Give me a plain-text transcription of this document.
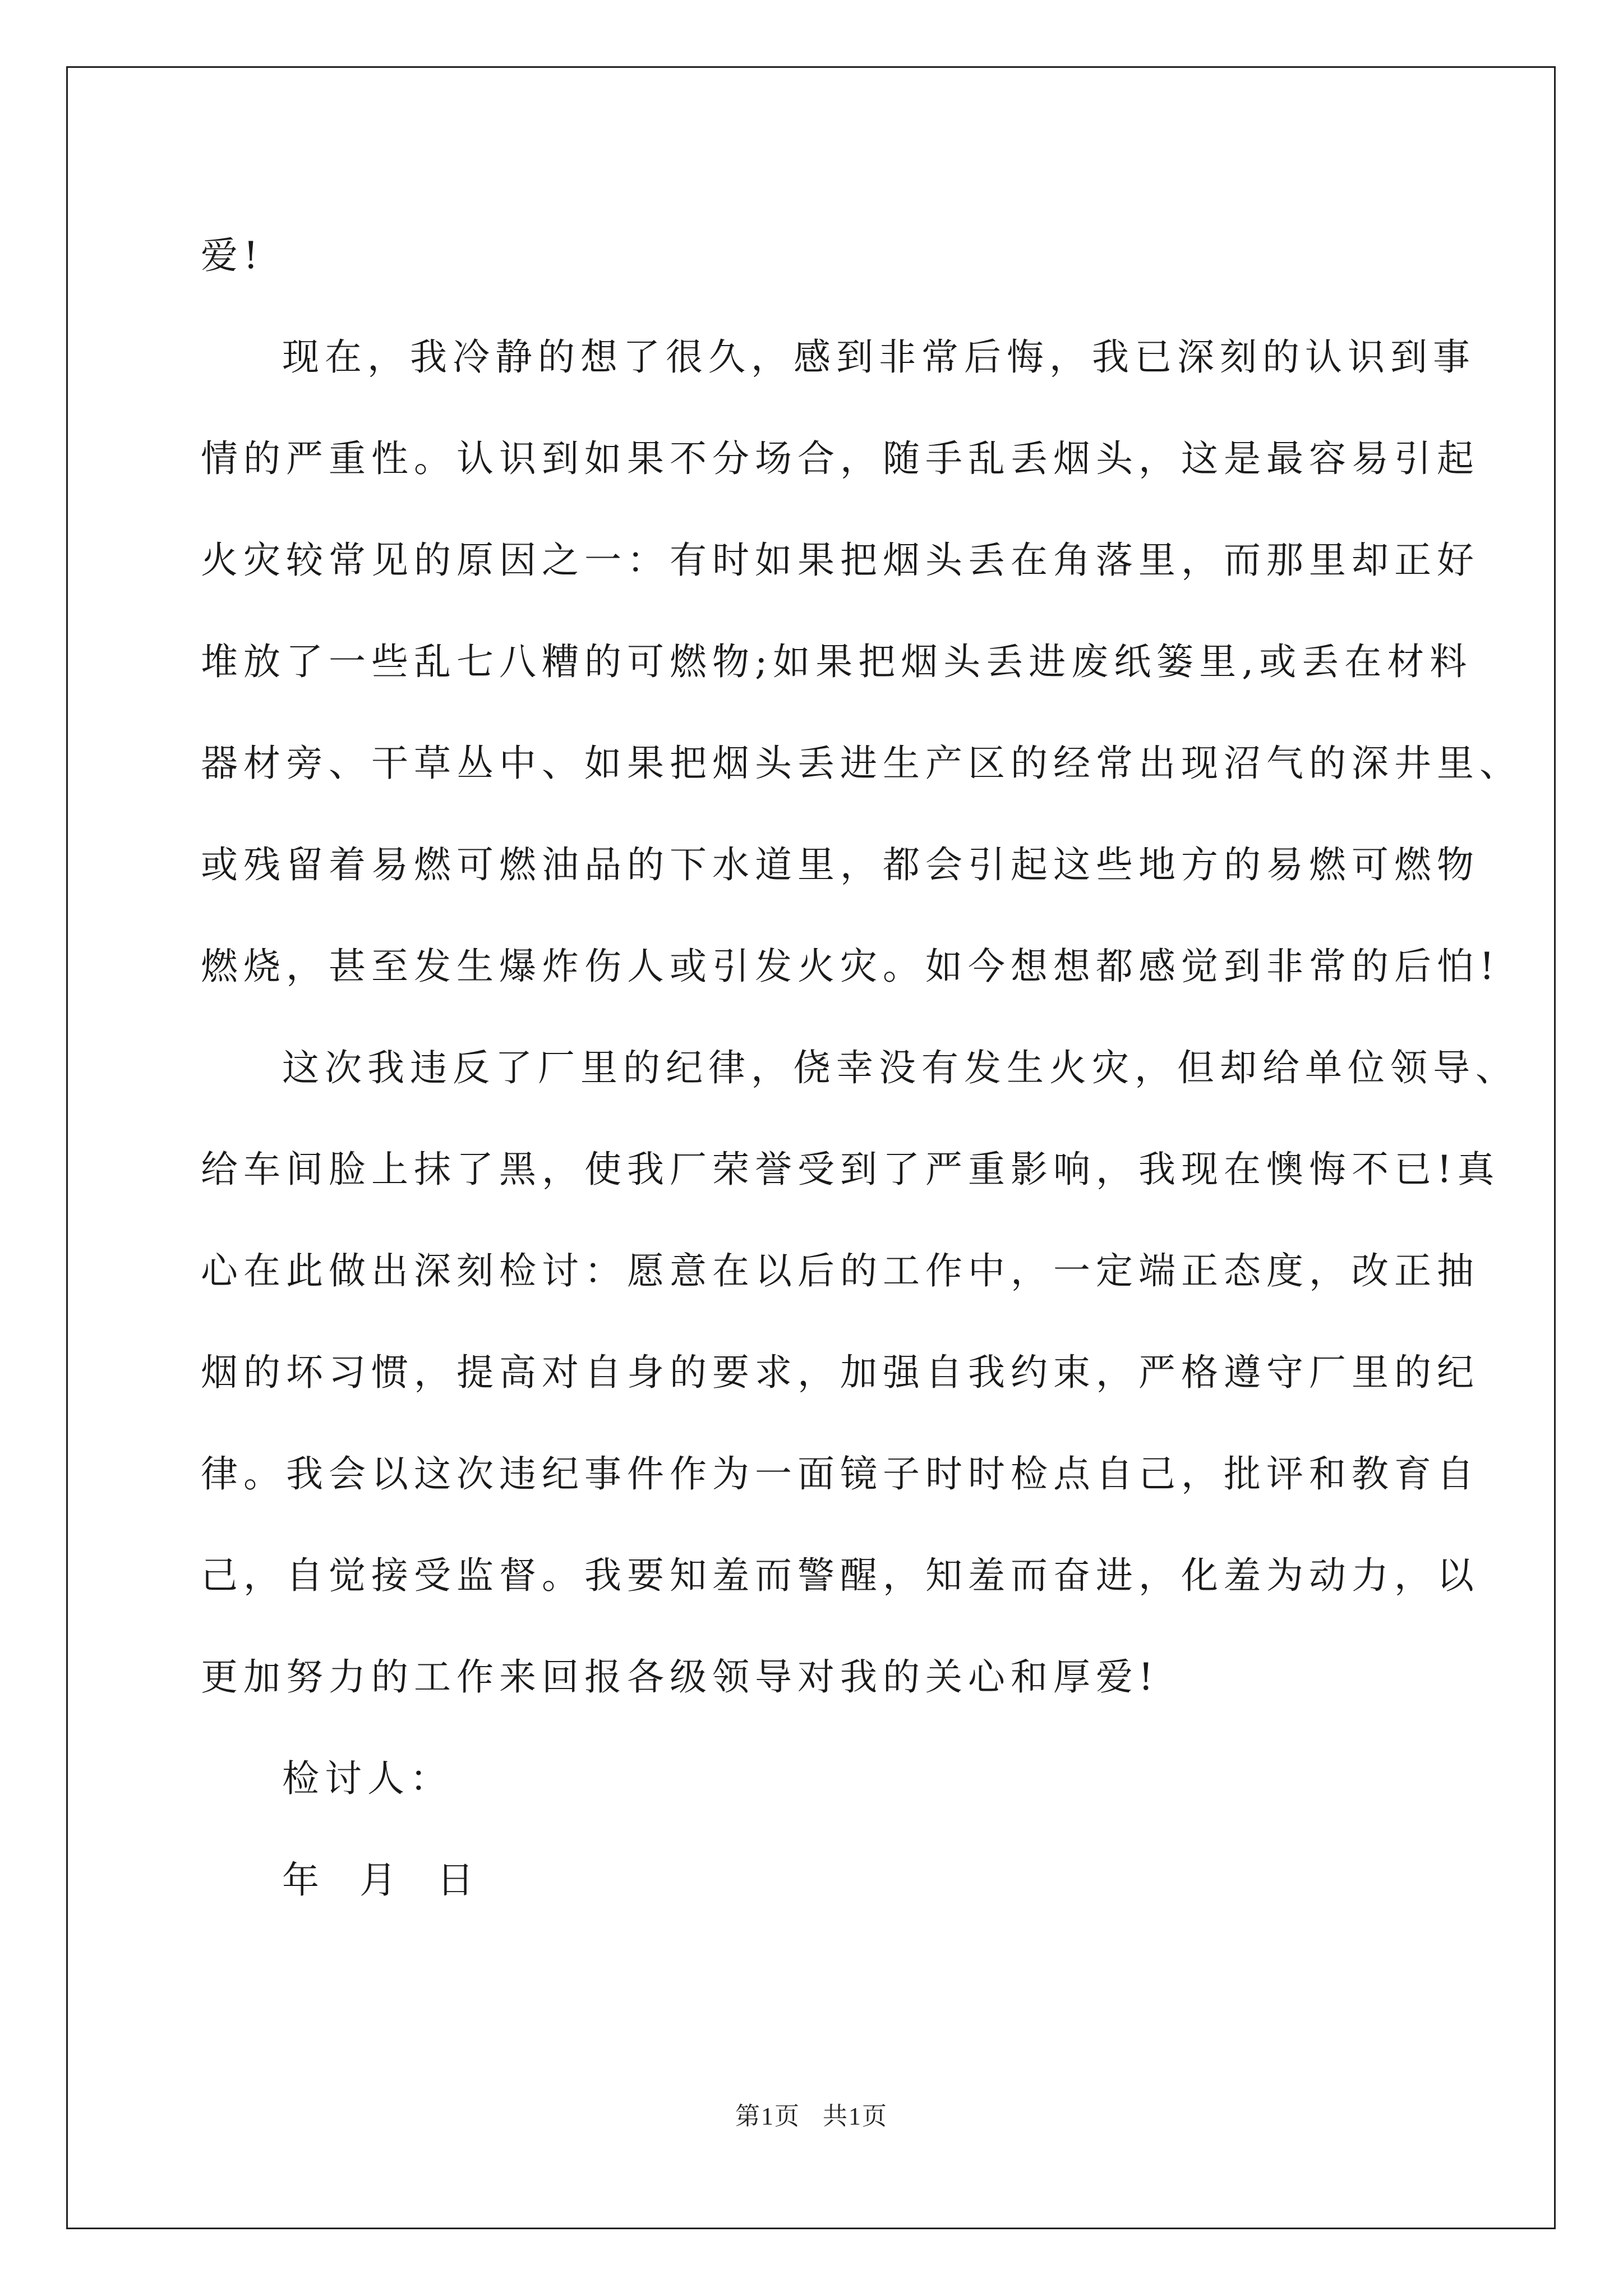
爱!
现在，我冷静的想了很久，感到非常后悔，我已深刻的认识到事
情的严重性。认识到如果不分场合，随手乱丢烟头，这是最容易引起
火灾较常见的原因之一：有时如果把烟头丢在角落里，而那里却正好
堆放了一些乱七八糟的可燃物;如果把烟头丢进废纸篓里,或丢在材料
器材旁、干草丛中、如果把烟头丢进生产区的经常出现沼气的深井里、
或残留着易燃可燃油品的下水道里，都会引起这些地方的易燃可燃物
燃烧，甚至发生爆炸伤人或引发火灾。如今想想都感觉到非常的后怕!
这次我违反了厂里的纪律，侥幸没有发生火灾，但却给单位领导、
给车间脸上抹了黑，使我厂荣誉受到了严重影响，我现在懊悔不已!真
心在此做出深刻检讨：愿意在以后的工作中，一定端正态度，改正抽
烟的坏习惯，提高对自身的要求，加强自我约束，严格遵守厂里的纪
律。我会以这次违纪事件作为一面镜子时时检点自己，批评和教育自
己，自觉接受监督。我要知羞而警醒，知羞而奋进，化羞为动力，以
更加努力的工作来回报各级领导对我的关心和厚爱!
检讨人：
年  月  日
第1页 共1页
